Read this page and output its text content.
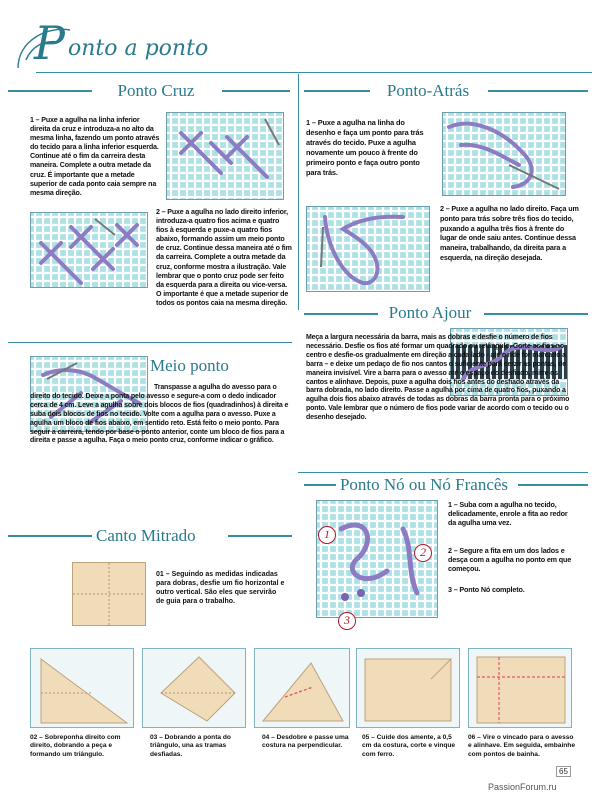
P onto a ponto
Ponto Cruz
1 – Puxe a agulha na linha inferior direita da cruz e introduza-a no alto da mesma linha, fazendo um ponto através do tecido para a linha inferior esquerda. Continue até o fim da carreira desta maneira. Complete a outra metade da cruz. É importante que a metade superior de cada ponto caia sempre na mesma direção.
2 – Puxe a agulha no lado direito inferior, introduza-a quatro fios acima e quatro fios à esquerda e puxe-a quatro fios abaixo, formando assim um meio ponto de cruz. Continue dessa maneira até o fim da carreira. Complete a outra metade da cruz, conforme mostra a ilustração. Vale lembrar que o ponto cruz pode ser feito da esquerda para a direita ou vice-versa. O importante é que a metade superior de todos os pontos caia na mesma direção.
Ponto-Atrás
1 – Puxe a agulha na linha do desenho e faça um ponto para trás através do tecido. Puxe a agulha novamente um pouco à frente do primeiro ponto e faça outro ponto para trás.
2 – Puxe a agulha no lado direito. Faça um ponto para trás sobre três fios do tecido, puxando a agulha três fios à frente do lugar de onde saiu antes. Continue dessa maneira, trabalhando, da direita para a esquerda, na direção desejada.
Ponto Ajour
Meça a largura necessária da barra, mais as dobras e desfie o número de fios necessário. Desfie os fios até formar um quadrado ou retângulo. Corte os fios no centro e desfie-os gradualmente em direção a cada lado - até o nde for marcado a barra – e deixe um pedaço de fio nos cantos o suficiente para cerzir as pontas, de maneira invisível. Vire a barra para o avesso até o espaço do desfiado, mitre os cantos e alinhave. Depois, puxe a agulha dois fios antes do desfiado através da barra dobrada, no lado direito. Passe a agulha por cima de quatro fios, puxando a agulha dois fios abaixo através de todas as dobras da barra pronta para o próximo ponto. Vale lembrar que o número de fios pode variar de acordo com o tecido ou o desenho desejado.
Meio ponto
Transpasse a agulha do avesso para o direito do tecido. Deixe a ponta pelo avesso e segure-a com o dedo indicador cerca de 4 cm. Leve a agulha sobre dois blocos de fios (quadradinhos) à direita e suba dois blocos de fios no tecido. Volte com a agulha para o avesso. Puxe a agulha um bloco de fios abaixo, em sentido reto. Está feito o meio ponto. Para seguir a carreira, tendo por base o ponto anterior, conte um bloco de fios para a direita e passe a agulha. Faça o meio ponto cruz, conforme indicar o gráfico.
Ponto Nó ou Nó Francês
1
2
3
1 – Suba com a agulha no tecido, delicadamente, enrole a fita ao redor da agulha uma vez.
2 – Segure a fita em um dos lados e desça com a agulha no ponto em que começou.
3 – Ponto Nó completo.
Canto Mitrado
01 – Seguindo as medidas indicadas para dobras, desfie um fio horizontal e outro vertical. São eles que servirão de guia para o trabalho.
02 – Sobreponha direito com direito, dobrando a peça e formando um triângulo.
03 – Dobrando a ponta do triângulo, una as tramas desfiadas.
04 – Desdobre e passe uma costura na perpendicular.
05 – Cuide dos amente, a 0,5 cm da costura, corte e vinque com ferro.
06 – Vire o vincado para o avesso e alinhave. Em seguida, embainhe com pontos de bainha.
65
PassionForum.ru
